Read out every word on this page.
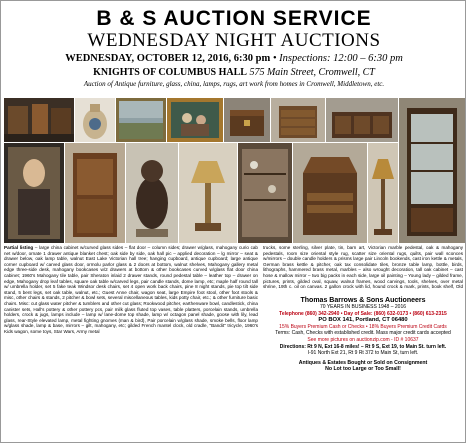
B & S AUCTION SERVICE
WEDNESDAY NIGHT AUCTIONS
WEDNESDAY, OCTOBER 12, 2016, 6:30 pm • Inspections: 12:00 – 6:30 pm
KNIGHTS OF COLUMBUS HALL 575 Main Street, Cromwell, CT
Auction of Antique furniture, glass, china, lamps, rugs, art work from homes in Cromwell, Middletown, etc.
Partial listing – large china cabinet w/curved glass sides – flat door – column sides; drawer w/glass, mahogany curio cab net w/door, ornate 1 drawer antique blanket chest; oak side by side, oak hall pic – applied decoration – lg mirror – seat & drawer below, oak lamp table, walnut East Lake Victorian hall tree; hanging cupboard, antique cupboard; large antique corner cupboard w/ carved glass door, ormolu parlor glass & 2 doors at bottom, walnut shelves, Mahogany gallery metal edge three-side desk, mahogany bookcases w/2 drawers at bottom & other bookcases curved w/glass flat door china cabinet; 1960's Mahogany tile table, pair Sheraton inlaid 2 drawer stands, round pedestal table – leather top – drawer on edge, Mahogany drop leaf tables, square oak table w/carved legs, pair candle stands, dome lamp, etc; maple half round tall w/ umbrella holder, set 5 fake teak Windsor desk chairs, set 4 open work back chairs, pine 8 night stands, pie top tilt side stand, 5 bent legs, set oak table, walnut, etc.; Guest Anne chair, wagon seat, large Empire foot stool, other foot stools & misc, other chairs & stands, 2 pitcher & bowl sets, several miscellaneous tables, kids potty chair, etc.; & other furniture basic chairs. Misc: cut glass water pitcher & tumblers and other cut glass; Rookwood pitcher, earthenware bowl, candlestick, china canister sets, Hall's pottery & other pottery pcs, pair milk glass fluted top vases, table platters, porcelain stands, umbrella holders, crock & jugs, lamps include – lamp w/ lane-dome top shade, lamp w/ octagon panel shade, goose with lily, lead glass, rear-Style elevated lamp, metal fighting gnomes (man & bird), Pair porcelain w/glass shade, smoke bells, floor lamp w/glass shade, lamp & base, mirrors – gilt, mahogany, etc; gilded French mantel clock, old cradle, "Bandit" tricycle, 1960's Kids wagon, some toys, Star Wars, Army metal
trucks, some sterling, silver plate, tin, barn art, Victorian marble pedestal, oak & mahogany pedestals, room size oriental style rug, scatter size oriental rugs, quilts, pair wall sconces w/mirrors – double candle holders & prisms large pair Lincoln bookends, cast iron kettle & metals, German brass kettle & pitcher, oak tax consolidate tiles, bronze table lamp, bottle, birds, lithographs, hammered brass metal, marbles – also wrought decoration, tall oak cabinet – cast hose & mallow mirror – two big packs in each side, large oil painting – Young lady – gilded frame, pictures, prints, gilded oval, squaw, walnut frames, wood carvings, tools, shelves, over metal shrine, 19th c. oil on canvas. 2 gallon crock with lid, hound crock & mark, prints, book shelf, Old
Thomas Barrows & Sons Auctioneers
70 YEARS IN BUSINESS 1948 – 2016
Telephone (860) 342-2940 • Day of Sale: (860) 632-0173 • (860) 613-2315
PO BOX 141, Portland, CT 06480
15% Buyers Premium Cash or Checks • 18% Buyers Premium Credit Cards
Terms: Cash, Checks with established credit. Mass major credit cards accepted
See more pictures on auctionzip.com - ID # 10637
Directions: Rt 9 N, Ext 16-8 miles! – Rt 9 S, Ext 19, to Main St. turn left.
I-91 North Ext 21, Rt 9 Rt 372 to Main St, turn left.
Antiques & Estates Bought or Sold on Consignment
No Lot too Large or Too Small!
